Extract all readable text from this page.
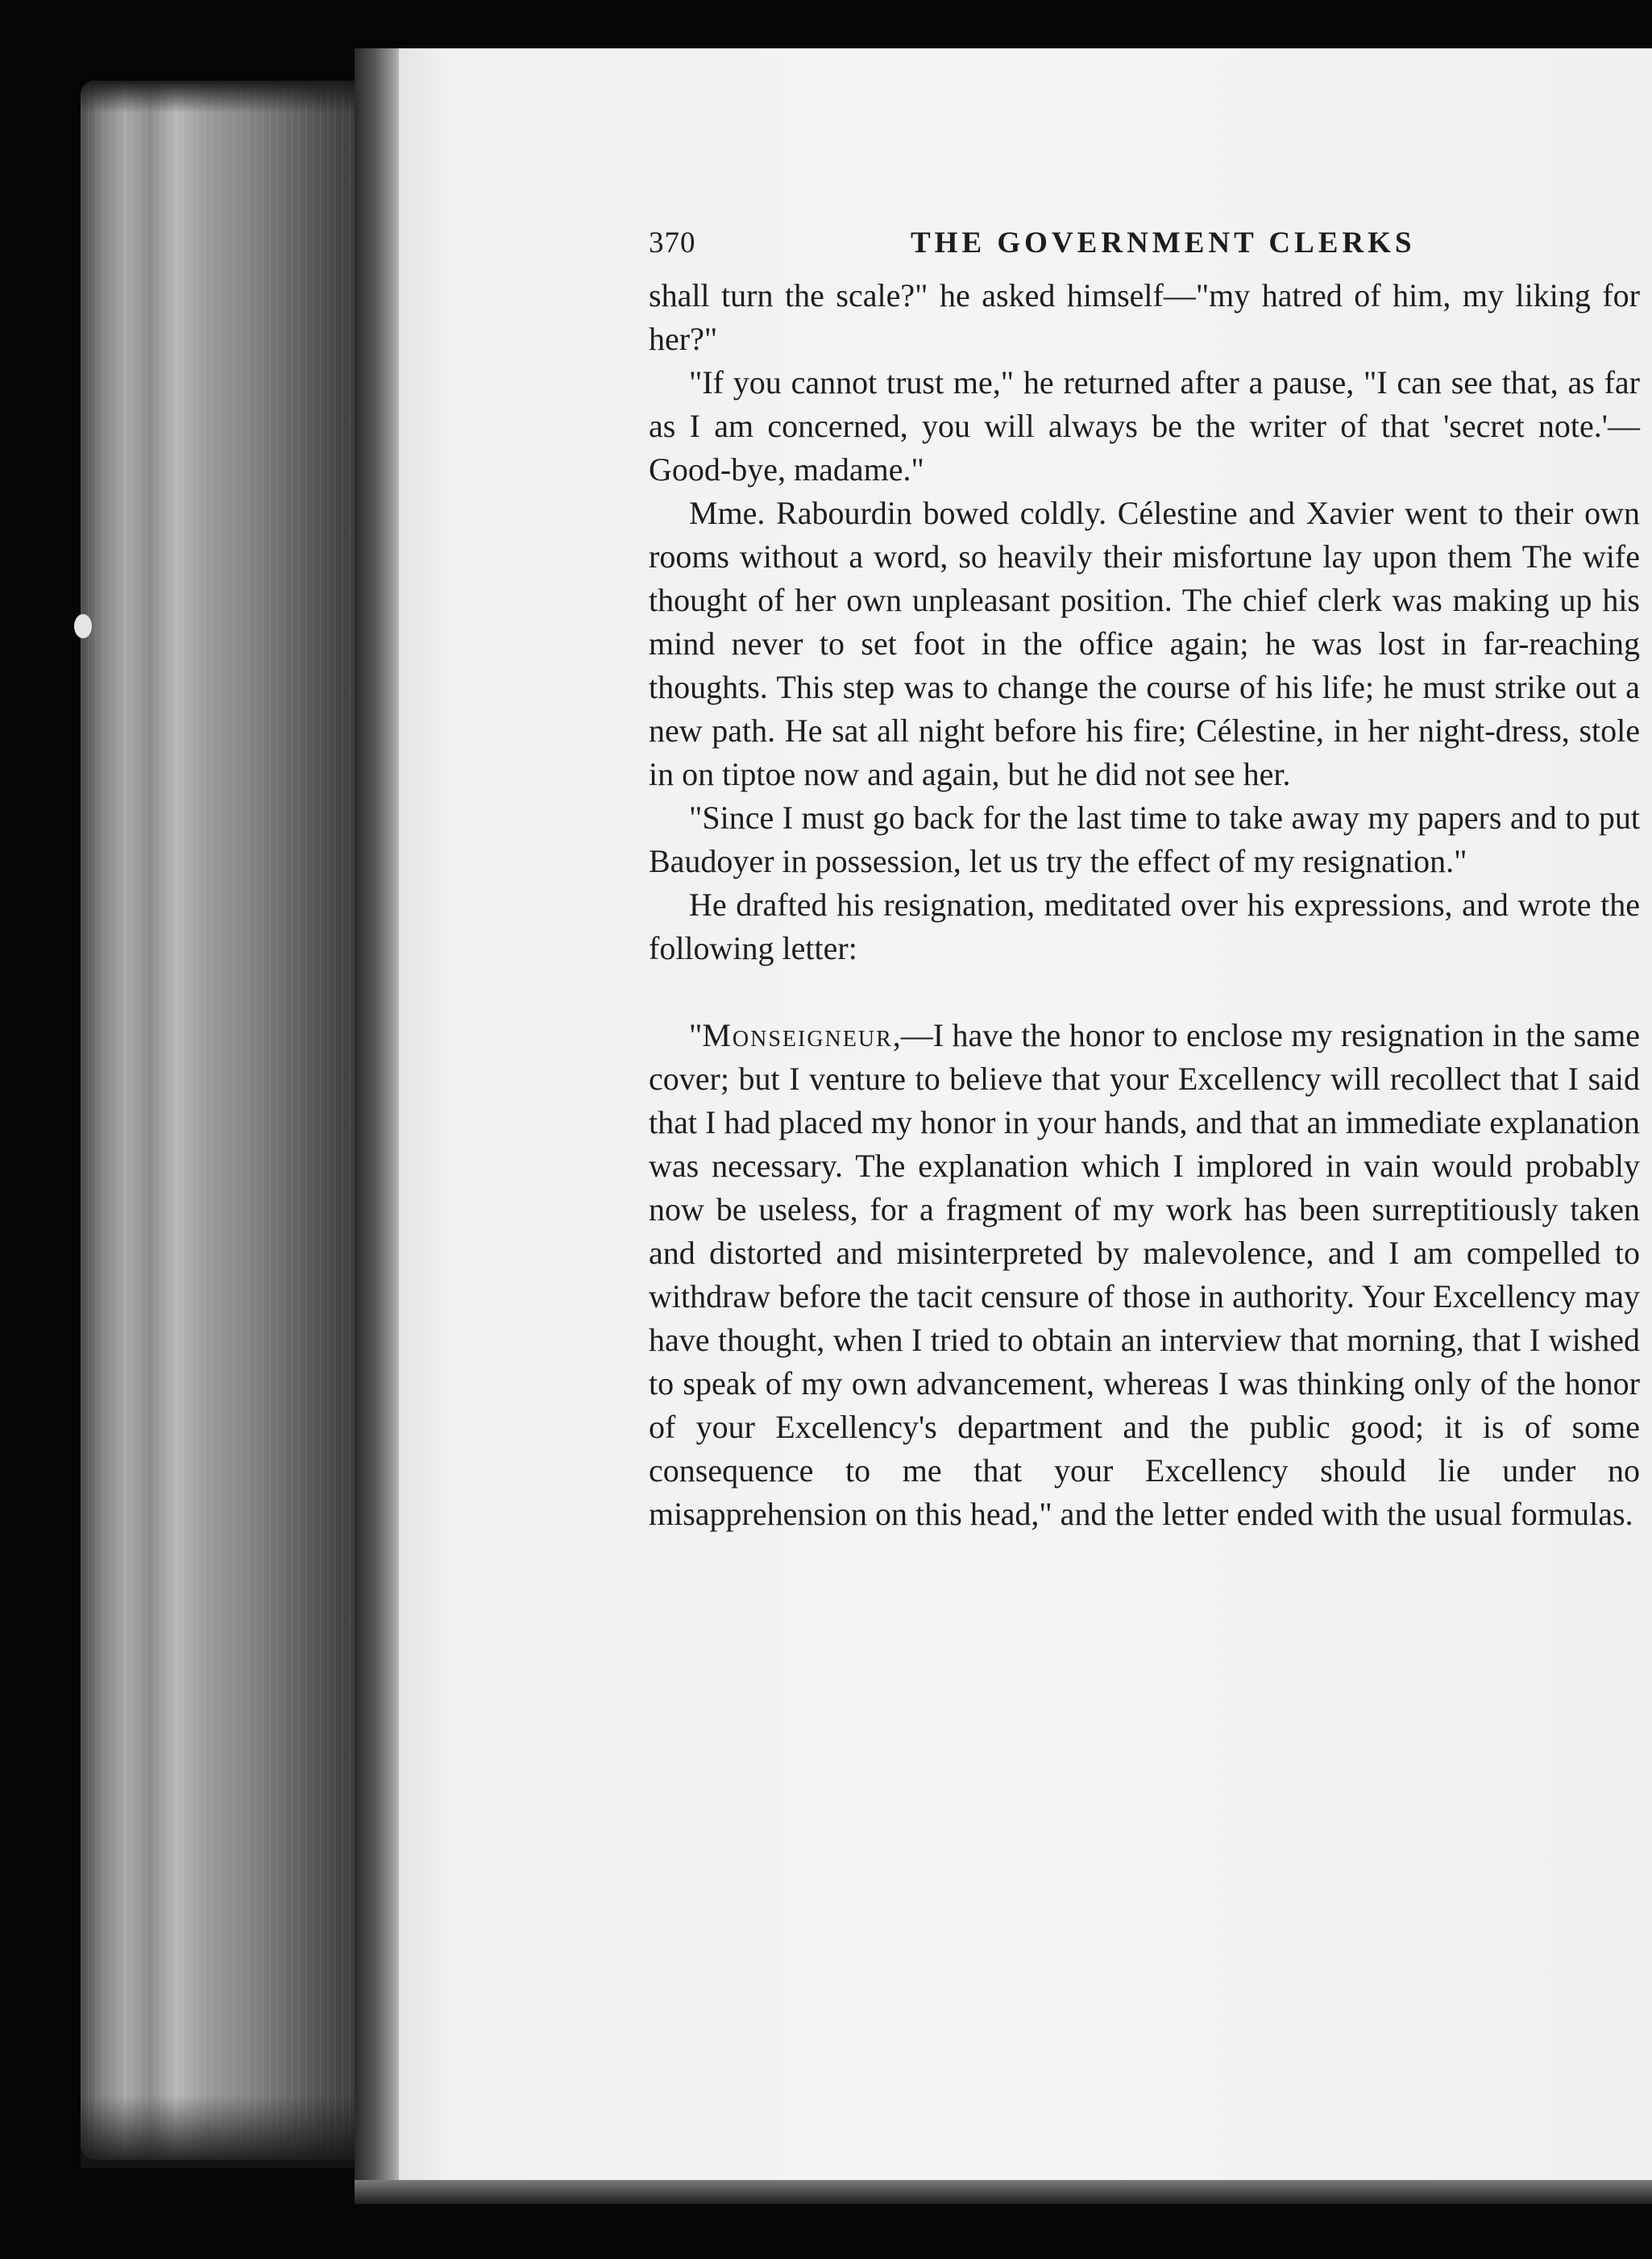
370	THE GOVERNMENT CLERKS

shall turn the scale?" he asked himself—"my hatred of him, my liking for her?"

"If you cannot trust me," he returned after a pause, "I can see that, as far as I am concerned, you will always be the writer of that 'secret note.'—Good-bye, madame."

Mme. Rabourdin bowed coldly. Célestine and Xavier went to their own rooms without a word, so heavily their misfortune lay upon them The wife thought of her own unpleasant position. The chief clerk was making up his mind never to set foot in the office again; he was lost in far-reaching thoughts. This step was to change the course of his life; he must strike out a new path. He sat all night before his fire; Célestine, in her night-dress, stole in on tiptoe now and again, but he did not see her.

"Since I must go back for the last time to take away my papers and to put Baudoyer in possession, let us try the effect of my resignation."

He drafted his resignation, meditated over his expressions, and wrote the following letter:

"Monseigneur,—I have the honor to enclose my resignation in the same cover; but I venture to believe that your Excellency will recollect that I said that I had placed my honor in your hands, and that an immediate explanation was necessary. The explanation which I implored in vain would probably now be useless, for a fragment of my work has been surreptitiously taken and distorted and misinterpreted by malevolence, and I am compelled to withdraw before the tacit censure of those in authority. Your Excellency may have thought, when I tried to obtain an interview that morning, that I wished to speak of my own advancement, whereas I was thinking only of the honor of your Excellency's department and the public good; it is of some consequence to me that your Excellency should lie under no misapprehension on this head," and the letter ended with the usual formulas.
